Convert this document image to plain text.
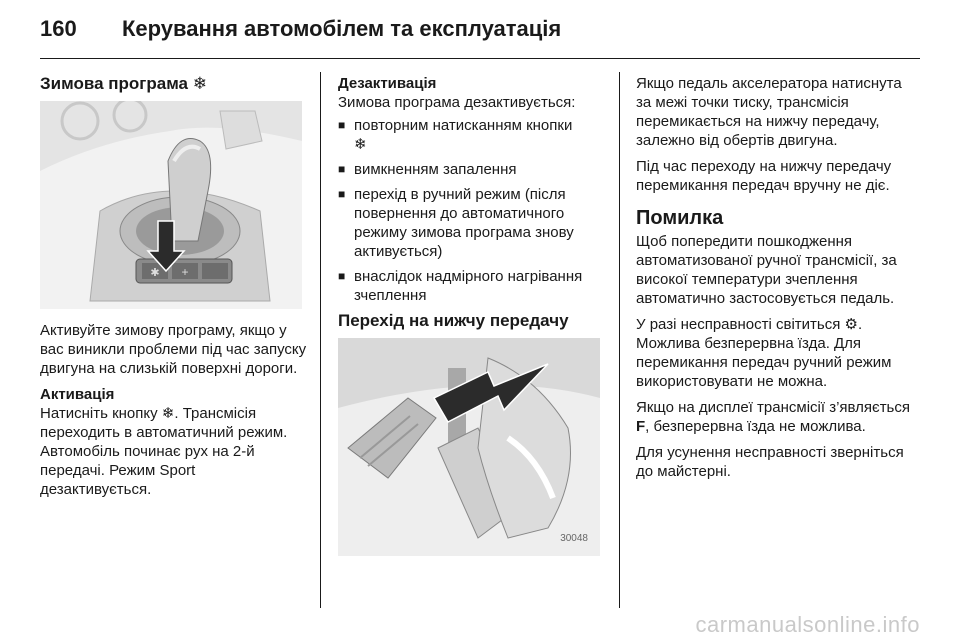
160 Керування автомобілем та експлуатація
Зимова програма ❄
+
✱

Активуйте зимову програму, якщо у вас виникли проблеми під час запуску двигуна на слизькій поверхні дороги.

Активація

Натисніть кнопку ❄. Трансмісія переходить в автоматичний режим. Автомобіль починає рух на 2-й передачі. Режим Sport дезактивується.

Дезактивація

Зимова програма дезактивується:

■ повторним натисканням кнопки
❄
■ вимкненням запалення
■ перехід в ручний режим (після повернення до автоматичного режиму зимова програма знову активується)
■ внаслідок надмірного нагрівання зчеплення
Перехід на нижчу передачу
30048

Якщо педаль акселератора натиснута за межі точки тиску, трансмісія перемикається на нижчу передачу, залежно від обертів двигуна.

Під час переходу на нижчу передачу перемикання передач вручну не діє.

Помилка

Щоб попередити пошкодження автоматизованої ручної трансмісії, за високої температури зчеплення автоматично застосовується педаль.

У разі несправності світиться ⚙. Можлива безперервна їзда. Для перемикання передач ручний режим використовувати не можна.

Якщо на дисплеї трансмісії з’являється F, безперервна їзда не можлива.

Для усунення несправності зверніться до майстерні.

carmanualsonline.info
